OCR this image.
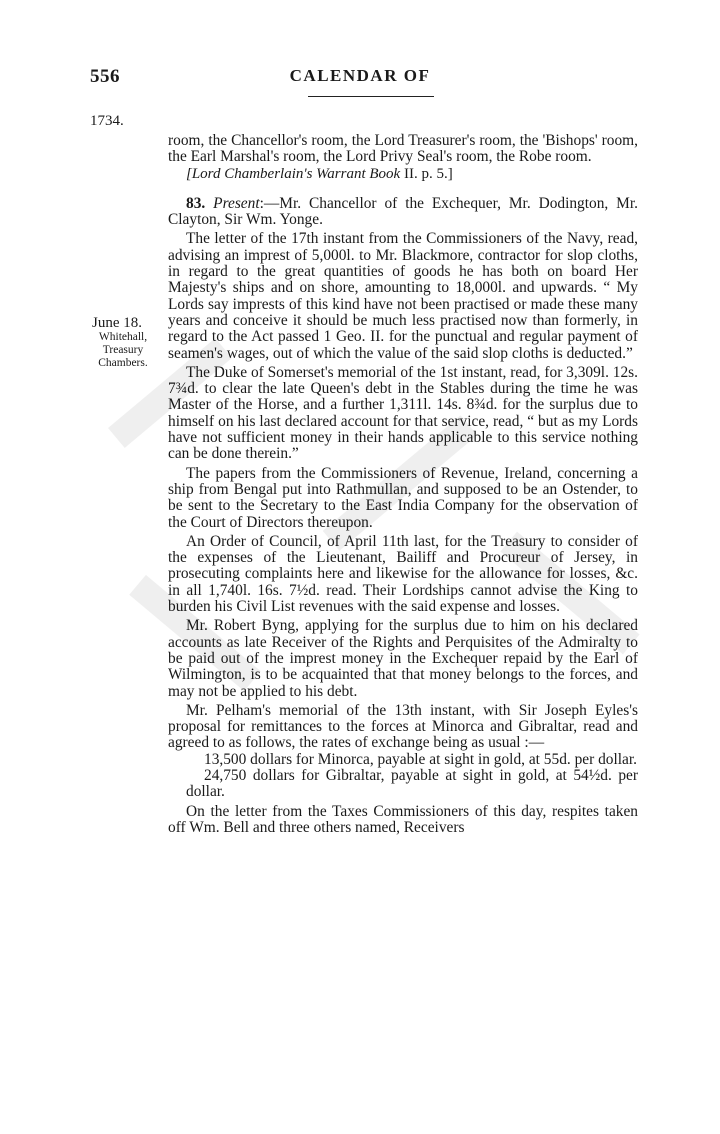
556	CALENDAR OF
1734.
June 18.
Whitehall,
Treasury
Chambers.

room, the Chancellor's room, the Lord Treasurer's room, the 'Bishops' room, the Earl Marshal's room, the Lord Privy Seal's room, the Robe room.

[Lord Chamberlain's Warrant Book II. p. 5.]

83. Present:—Mr. Chancellor of the Exchequer, Mr. Dodington, Mr. Clayton, Sir Wm. Yonge.

The letter of the 17th instant from the Commissioners of the Navy, read, advising an imprest of 5,000l. to Mr. Blackmore, contractor for slop cloths, in regard to the great quantities of goods he has both on board Her Majesty's ships and on shore, amounting to 18,000l. and upwards. “ My Lords say imprests of this kind have not been practised or made these many years and conceive it should be much less practised now than formerly, in regard to the Act passed 1 Geo. II. for the punctual and regular payment of seamen's wages, out of which the value of the said slop cloths is deducted.”

The Duke of Somerset's memorial of the 1st instant, read, for 3,309l. 12s. 7¾d. to clear the late Queen's debt in the Stables during the time he was Master of the Horse, and a further 1,311l. 14s. 8¾d. for the surplus due to himself on his last declared account for that service, read, “ but as my Lords have not sufficient money in their hands applicable to this service nothing can be done therein.”

The papers from the Commissioners of Revenue, Ireland, concerning a ship from Bengal put into Rathmullan, and supposed to be an Ostender, to be sent to the Secretary to the East India Company for the observation of the Court of Directors thereupon.

An Order of Council, of April 11th last, for the Treasury to consider of the expenses of the Lieutenant, Bailiff and Procureur of Jersey, in prosecuting complaints here and likewise for the allowance for losses, &c. in all 1,740l. 16s. 7½d. read. Their Lordships cannot advise the King to burden his Civil List revenues with the said expense and losses.

Mr. Robert Byng, applying for the surplus due to him on his declared accounts as late Receiver of the Rights and Perquisites of the Admiralty to be paid out of the imprest money in the Exchequer repaid by the Earl of Wilmington, is to be acquainted that that money belongs to the forces, and may not be applied to his debt.

Mr. Pelham's memorial of the 13th instant, with Sir Joseph Eyles's proposal for remittances to the forces at Minorca and Gibraltar, read and agreed to as follows, the rates of exchange being as usual :—

13,500 dollars for Minorca, payable at sight in gold, at 55d. per dollar.

24,750 dollars for Gibraltar, payable at sight in gold, at 54½d. per dollar.

On the letter from the Taxes Commissioners of this day, respites taken off Wm. Bell and three others named, Receivers
